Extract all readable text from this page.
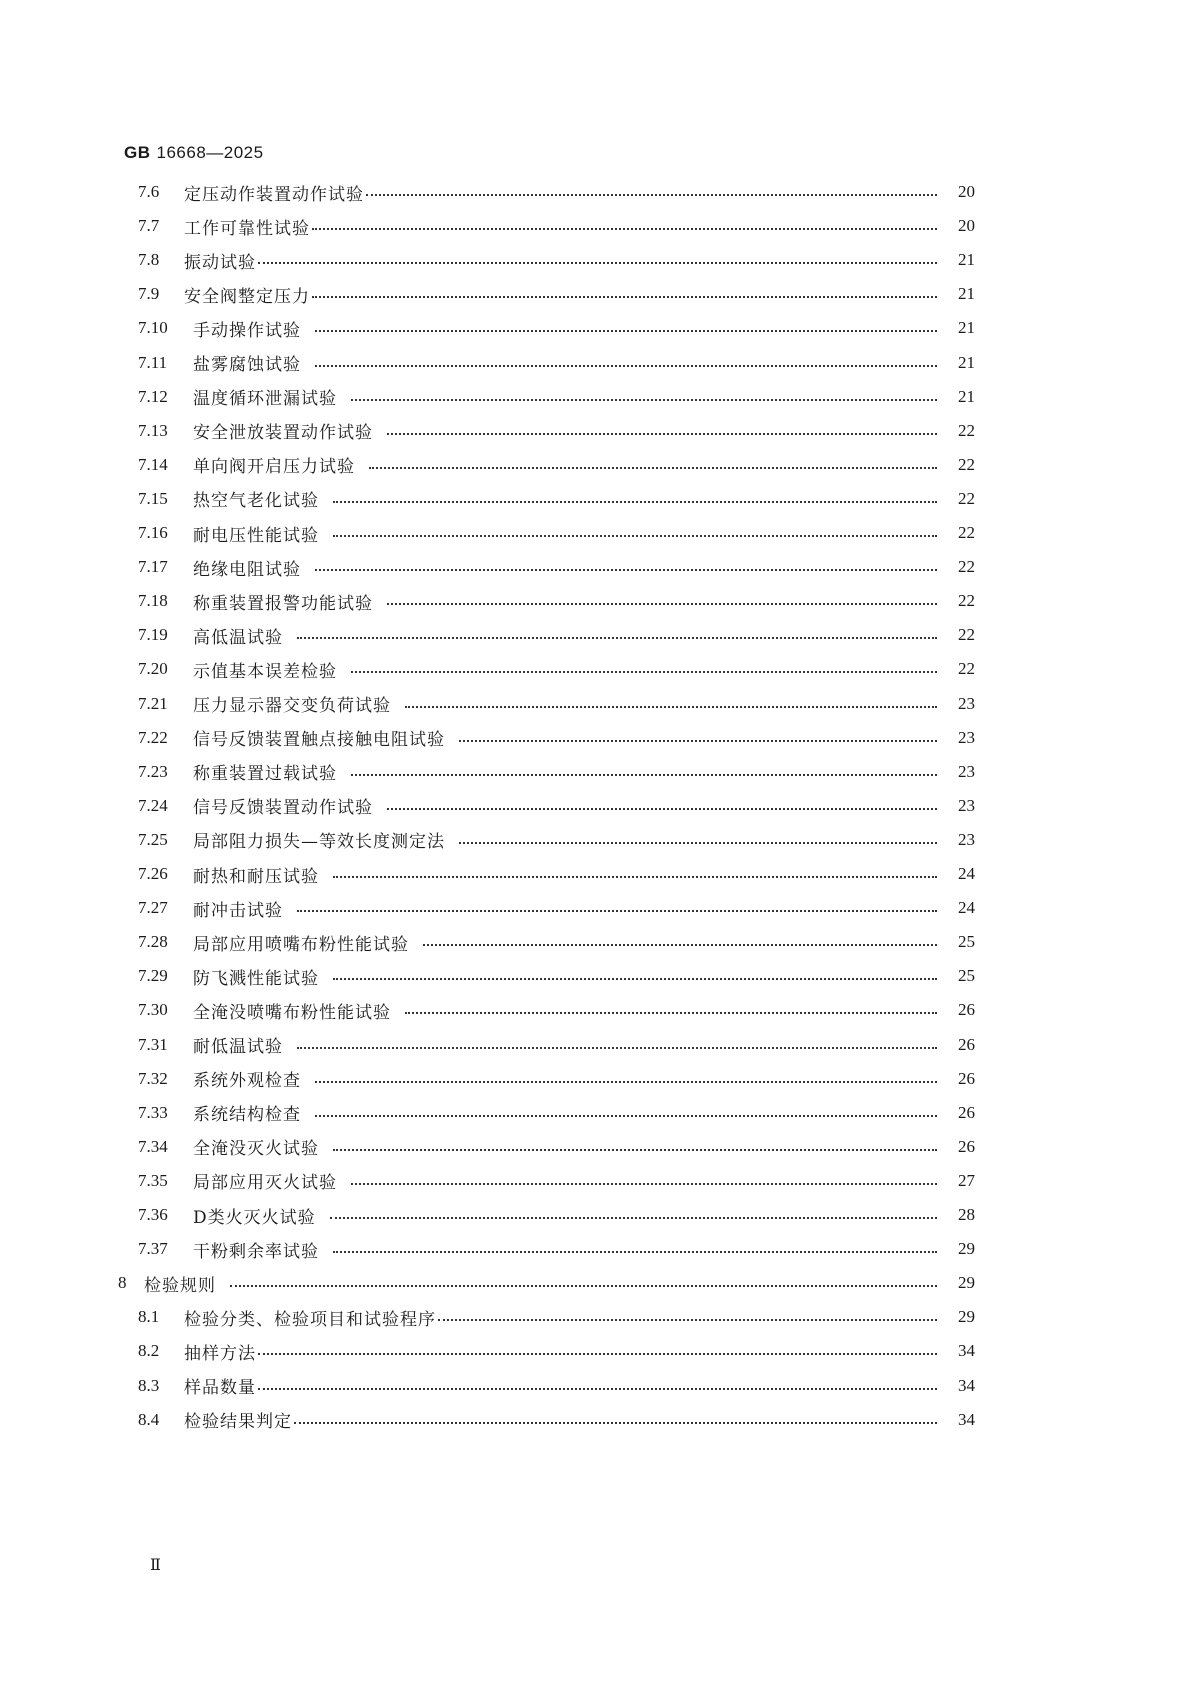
GB 16668—2025
7.6	定压动作装置动作试验	20
7.7	工作可靠性试验	20
7.8	振动试验	21
7.9	安全阀整定压力	21
7.10	手动操作试验	21
7.11	盐雾腐蚀试验	21
7.12	温度循环泄漏试验	21
7.13	安全泄放装置动作试验	22
7.14	单向阀开启压力试验	22
7.15	热空气老化试验	22
7.16	耐电压性能试验	22
7.17	绝缘电阻试验	22
7.18	称重装置报警功能试验	22
7.19	高低温试验	22
7.20	示值基本误差检验	22
7.21	压力显示器交变负荷试验	23
7.22	信号反馈装置触点接触电阻试验	23
7.23	称重装置过载试验	23
7.24	信号反馈装置动作试验	23
7.25	局部阻力损失—等效长度测定法	23
7.26	耐热和耐压试验	24
7.27	耐冲击试验	24
7.28	局部应用喷嘴布粉性能试验	25
7.29	防飞溅性能试验	25
7.30	全淹没喷嘴布粉性能试验	26
7.31	耐低温试验	26
7.32	系统外观检查	26
7.33	系统结构检查	26
7.34	全淹没灭火试验	26
7.35	局部应用灭火试验	27
7.36	D类火灭火试验	28
7.37	干粉剩余率试验	29
8	检验规则	29
8.1	检验分类、检验项目和试验程序	29
8.2	抽样方法	34
8.3	样品数量	34
8.4	检验结果判定	34
Ⅱ
